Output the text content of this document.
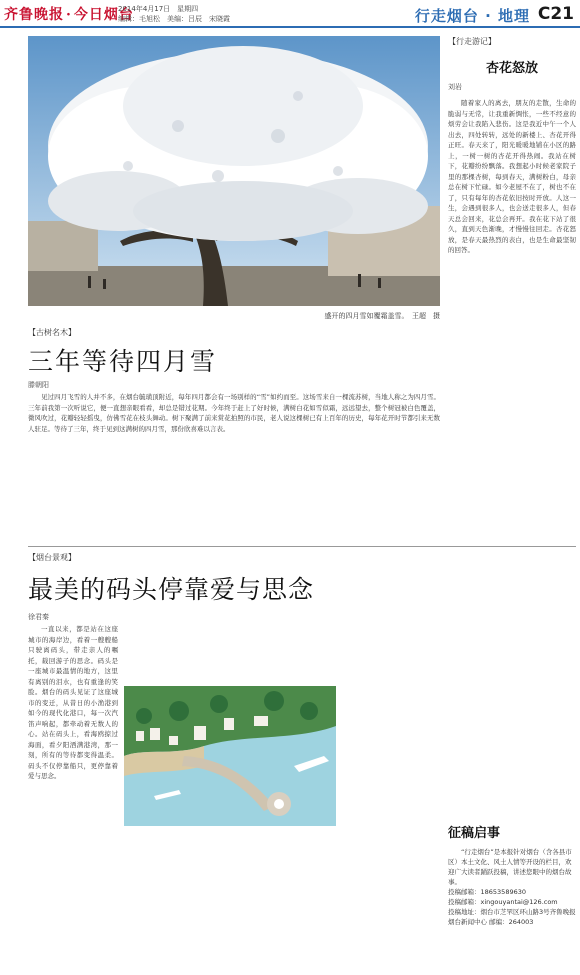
齐鲁晚报 · 今日烟台
2014年4月17日　星期四
编辑：毛旭松　美编：吕辰　宋晓霞	行走烟台 · 地理 C21
盛开的四月雪如覆霜盖雪。　王超　摄
【行走游记】
杏花怒放
刘岩
随着家人的离去，朋友的走散，生命的脆弱与无常，让我重新惆怅，一些不经意的烦劳会让我陷入悲伤。这是我近中午一个人出去，四处转转，远处的新楼上、杏花开得正旺。春天来了，阳光暖暖地铺在小区的路上，一树一树的杏花开得热闹。我站在树下，花瓣纷纷飘落。我想起小时候老家院子里的那棵杏树，每到春天，满树粉白，母亲总在树下忙碌。如今老屋不在了，树也不在了，只有每年的杏花依旧按时开放。人这一生，会遇到很多人，也会送走很多人，但春天总会回来，花总会再开。我在花下站了很久，直到天色渐晚，才慢慢往回走。杏花怒放，是春天最热烈的表白，也是生命最坚韧的回答。
【古树名木】
三年等待四月雪
滕朝阳
见过四月飞雪的人并不多，在烟台毓璜顶附近，每年四月都会有一场别样的“雪”如约而至。这场雪来自一棵流苏树，当地人称之为四月雪。三年前我第一次听说它，便一直想亲眼看看，却总是错过花期。今年终于赶上了好时候，满树白花如雪似霜，远远望去，整个树冠被白色覆盖，微风吹过，花瓣轻轻摇曳，仿佛雪花在枝头舞动。树下聚满了前来赏花拍照的市民，老人说这棵树已有上百年的历史，每年花开时节都引来无数人驻足。等待了三年，终于见到这满树的四月雪，那份欣喜难以言表。
【烟台景观】
最美的码头停靠爱与思念
徐君秦
一直以来，都是站在这座城市的海岸边，看着一艘艘船只驶离码头，带走亲人的嘱托，载回游子的思念。码头是一座城市最温情的地方，这里有离别的泪水，也有重逢的笑脸。烟台的码头见证了这座城市的变迁，从昔日的小渔港到如今的现代化港口，每一次汽笛声响起，都牵动着无数人的心。站在码头上，看海鸥掠过海面，看夕阳洒满港湾，那一刻，所有的等待都变得温柔。码头不仅停靠船只，更停靠着爱与思念。
征稿启事
“行走烟台”是本报针对烟台（含各县市区）本土文化、风土人情等开设的栏目，欢迎广大读者踊跃投稿，讲述您眼中的烟台故事。
投稿邮箱：18653589630
投稿邮箱：xingouyantai@126.com
投稿地址：烟台市芝罘区环山路3号齐鲁晚报烟台新闻中心 邮编：264003
